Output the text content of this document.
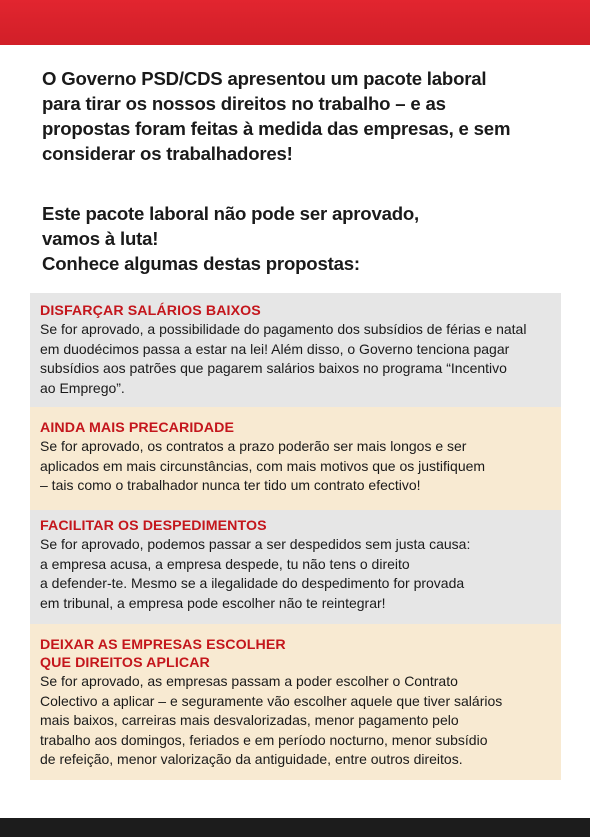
O Governo PSD/CDS apresentou um pacote laboral
para tirar os nossos direitos no trabalho – e as
propostas foram feitas à medida das empresas, e sem
considerar os trabalhadores!

Este pacote laboral não pode ser aprovado,
vamos à luta!
Conhece algumas destas propostas:

DISFARÇAR SALÁRIOS BAIXOS

Se for aprovado, a possibilidade do pagamento dos subsídios de férias e natal
em duodécimos passa a estar na lei! Além disso, o Governo tenciona pagar
subsídios aos patrões que pagarem salários baixos no programa “Incentivo
ao Emprego”.

AINDA MAIS PRECARIDADE

Se for aprovado, os contratos a prazo poderão ser mais longos e ser
aplicados em mais circunstâncias, com mais motivos que os justifiquem
– tais como o trabalhador nunca ter tido um contrato efectivo!

FACILITAR OS DESPEDIMENTOS

Se for aprovado, podemos passar a ser despedidos sem justa causa:
a empresa acusa, a empresa despede, tu não tens o direito
a defender-te. Mesmo se a ilegalidade do despedimento for provada
em tribunal, a empresa pode escolher não te reintegrar!

DEIXAR AS EMPRESAS ESCOLHER
QUE DIREITOS APLICAR

Se for aprovado, as empresas passam a poder escolher o Contrato
Colectivo a aplicar – e seguramente vão escolher aquele que tiver salários
mais baixos, carreiras mais desvalorizadas, menor pagamento pelo
trabalho aos domingos, feriados e em período nocturno, menor subsídio
de refeição, menor valorização da antiguidade, entre outros direitos.
